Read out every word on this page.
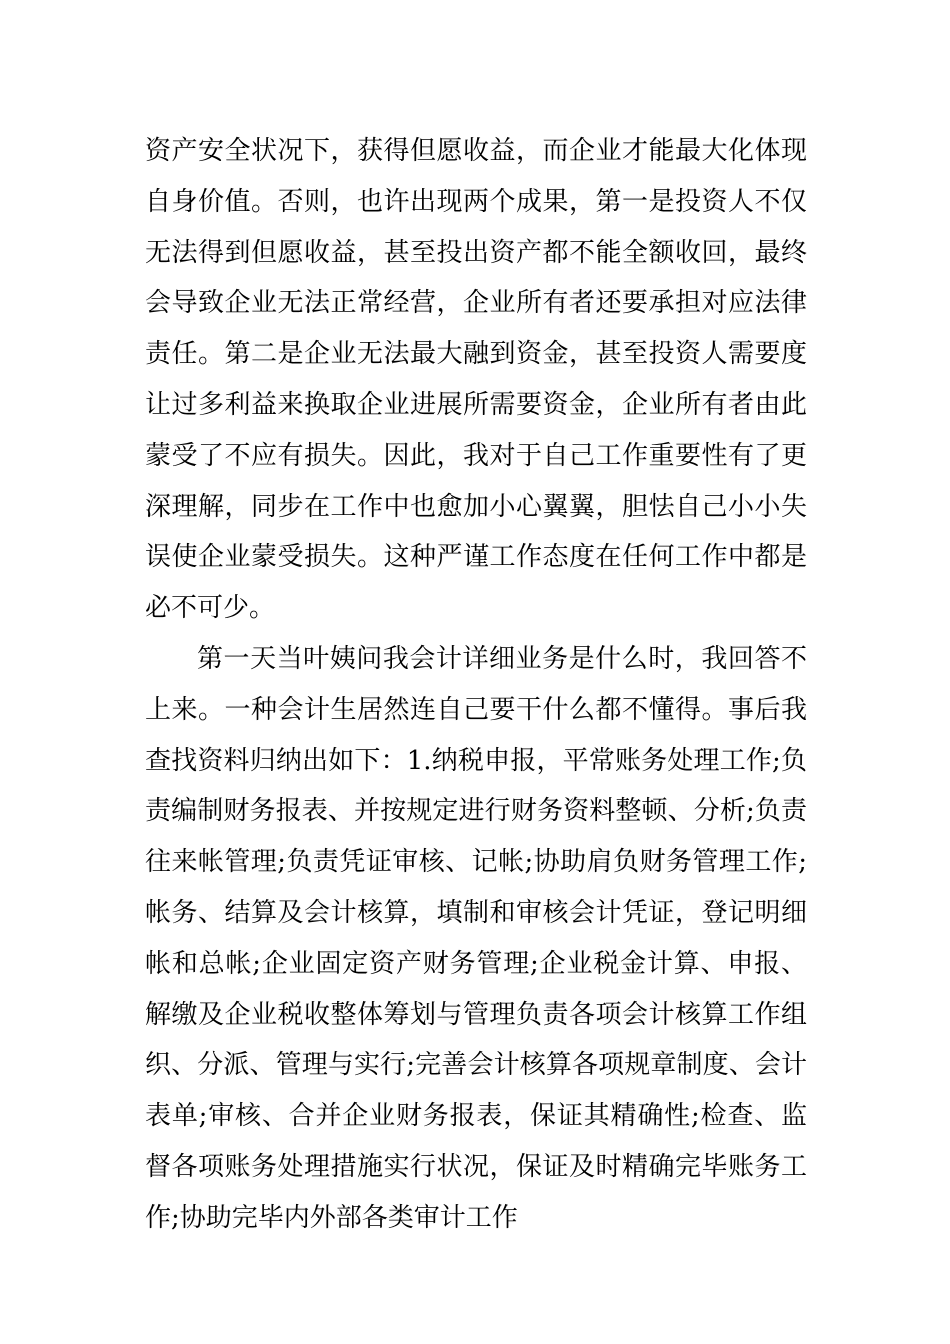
资产安全状况下，获得但愿收益，而企业才能最大化体现自身价值。否则，也许出现两个成果，第一是投资人不仅无法得到但愿收益，甚至投出资产都不能全额收回，最终会导致企业无法正常经营，企业所有者还要承担对应法律责任。第二是企业无法最大融到资金，甚至投资人需要度让过多利益来换取企业进展所需要资金，企业所有者由此蒙受了不应有损失。因此，我对于自己工作重要性有了更深理解，同步在工作中也愈加小心翼翼，胆怯自己小小失误使企业蒙受损失。这种严谨工作态度在任何工作中都是必不可少。

第一天当叶姨问我会计详细业务是什么时，我回答不上来。一种会计生居然连自己要干什么都不懂得。事后我查找资料归纳出如下：1.纳税申报，平常账务处理工作;负责编制财务报表、并按规定进行财务资料整顿、分析;负责往来帐管理;负责凭证审核、记帐;协助肩负财务管理工作;帐务、结算及会计核算，填制和审核会计凭证，登记明细帐和总帐;企业固定资产财务管理;企业税金计算、申报、解缴及企业税收整体筹划与管理负责各项会计核算工作组织、分派、管理与实行;完善会计核算各项规章制度、会计表单;审核、合并企业财务报表，保证其精确性;检查、监督各项账务处理措施实行状况，保证及时精确完毕账务工作;协助完毕内外部各类审计工作
